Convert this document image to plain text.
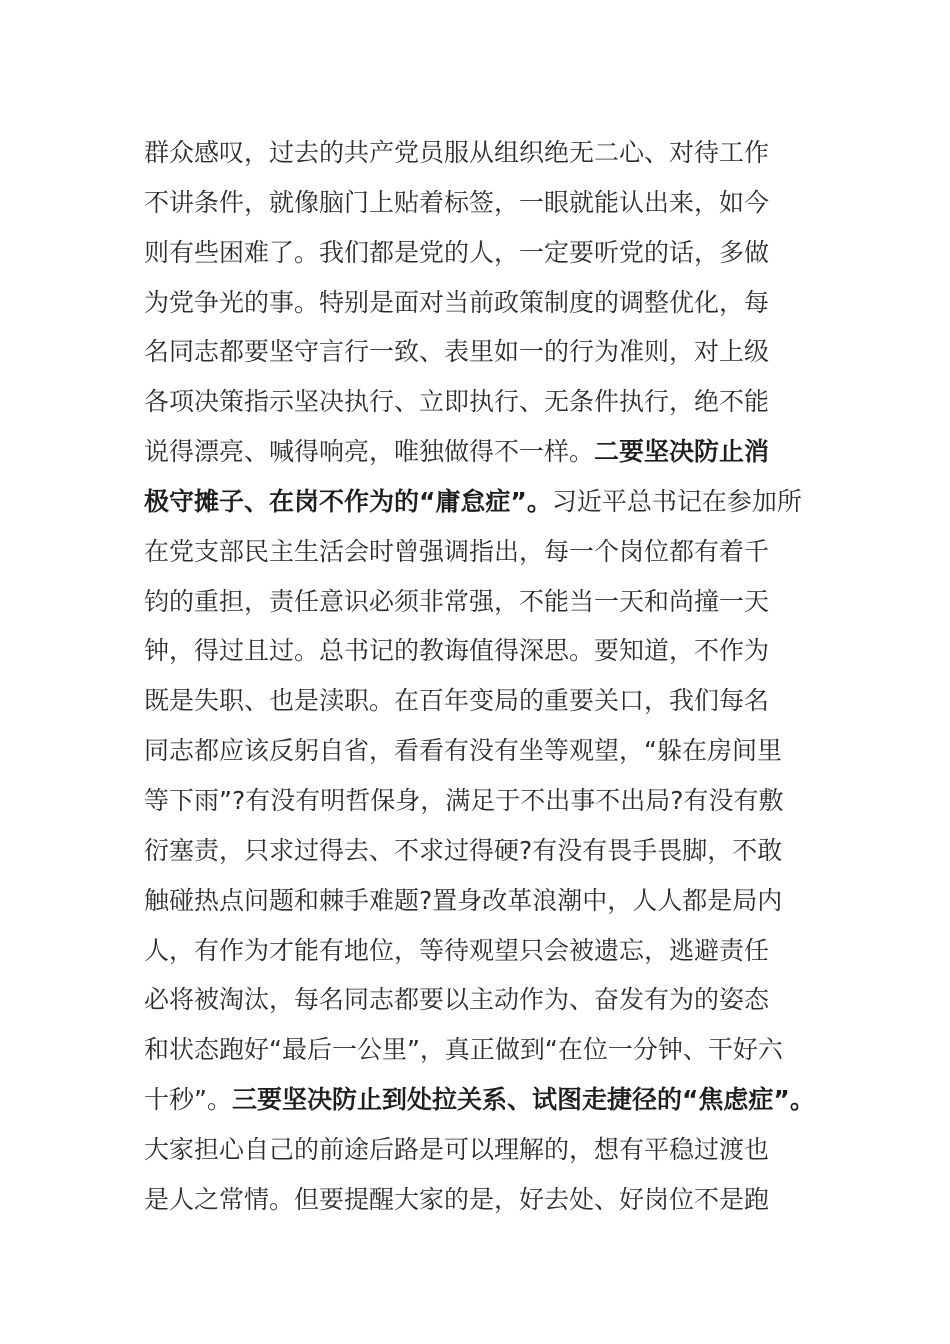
群众感叹，过去的共产党员服从组织绝无二心、对待工作
不讲条件，就像脑门上贴着标签，一眼就能认出来，如今
则有些困难了。我们都是党的人，一定要听党的话，多做
为党争光的事。特别是面对当前政策制度的调整优化，每
名同志都要坚守言行一致、表里如一的行为准则，对上级
各项决策指示坚决执行、立即执行、无条件执行，绝不能
说得漂亮、喊得响亮，唯独做得不一样。二要坚决防止消
极守摊子、在岗不作为的“庸怠症”。习近平总书记在参加所
在党支部民主生活会时曾强调指出，每一个岗位都有着千
钧的重担，责任意识必须非常强，不能当一天和尚撞一天
钟，得过且过。总书记的教诲值得深思。要知道，不作为
既是失职、也是渎职。在百年变局的重要关口，我们每名
同志都应该反躬自省，看看有没有坐等观望，“躲在房间里
等下雨”?有没有明哲保身，满足于不出事不出局?有没有敷
衍塞责，只求过得去、不求过得硬?有没有畏手畏脚，不敢
触碰热点问题和棘手难题?置身改革浪潮中，人人都是局内
人，有作为才能有地位，等待观望只会被遗忘，逃避责任
必将被淘汰，每名同志都要以主动作为、奋发有为的姿态
和状态跑好“最后一公里”，真正做到“在位一分钟、干好六
十秒”。三要坚决防止到处拉关系、试图走捷径的“焦虑症”。
大家担心自己的前途后路是可以理解的，想有平稳过渡也
是人之常情。但要提醒大家的是，好去处、好岗位不是跑
